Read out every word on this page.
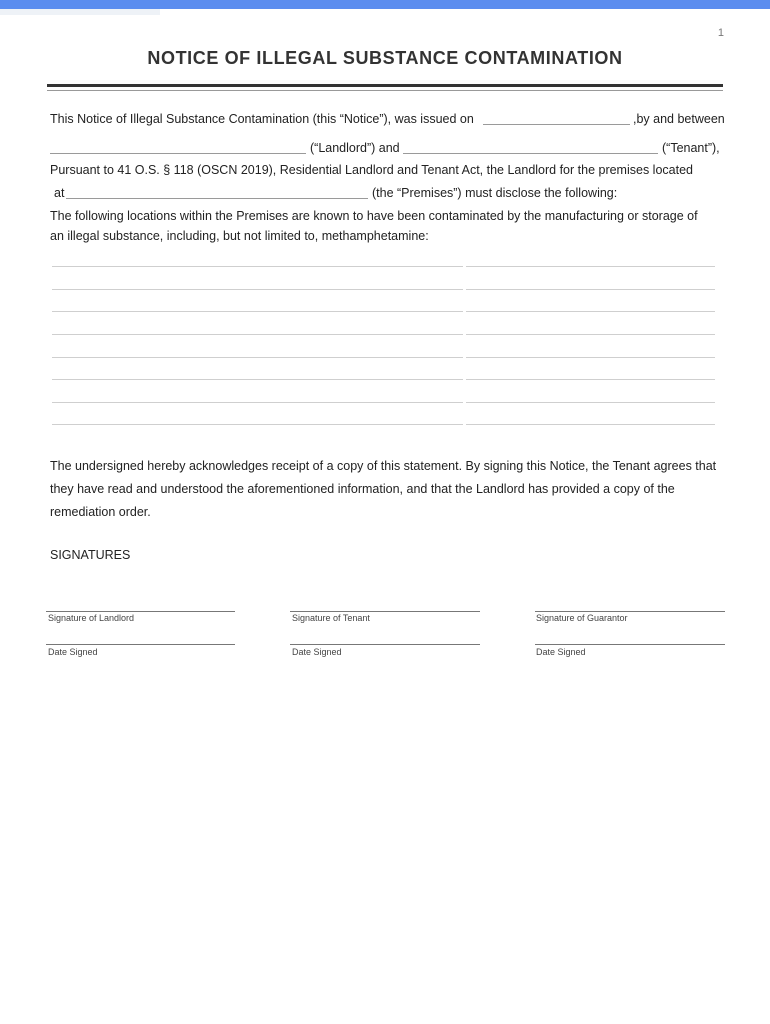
1
NOTICE OF ILLEGAL SUBSTANCE CONTAMINATION
This Notice of Illegal Substance Contamination (this “Notice”), was issued on	,by and between
(“Landlord”) and	(“Tenant”),
Pursuant to 41 O.S. § 118 (OSCN 2019), Residential Landlord and Tenant Act, the Landlord for the premises located
at	(the “Premises”) must disclose the following:
The following locations within the Premises are known to have been contaminated by the manufacturing or storage of
an illegal substance, including, but not limited to, methamphetamine:
The undersigned hereby acknowledges receipt of a copy of this statement. By signing this Notice, the Tenant agrees that they have read and understood the aforementioned information, and that the Landlord has provided a copy of the remediation order.
SIGNATURES
Signature of Landlord	Signature of Tenant	Signature of Guarantor
Date Signed	Date Signed	Date Signed
